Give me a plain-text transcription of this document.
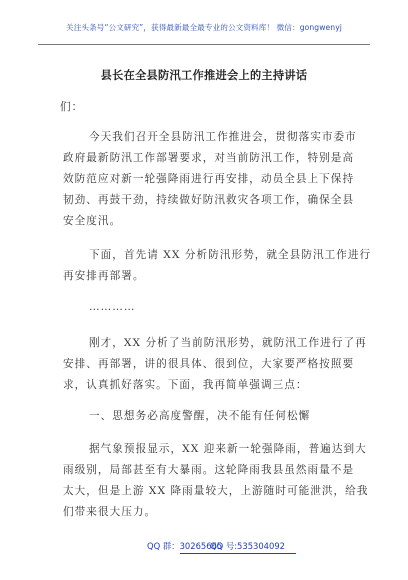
关注头条号“公文研究”，获得最新最全最专业的公文资料库！ 微信：gongwenyj
县长在全县防汛工作推进会上的主持讲话
们：
今天我们召开全县防汛工作推进会，贯彻落实市委市
政府最新防汛工作部署要求，对当前防汛工作，特别是高
效防范应对新一轮强降雨进行再安排，动员全县上下保持
韧劲、再鼓干劲，持续做好防汛救灾各项工作，确保全县
安全度汛。
下面，首先请 XX 分析防汛形势，就全县防汛工作进行
再安排再部署。
…………
刚才，XX 分析了当前防汛形势，就防汛工作进行了再
安排、再部署，讲的很具体、很到位，大家要严格按照要
求，认真抓好落实。下面，我再简单强调三点：
一、思想务必高度警醒，决不能有任何松懈
据气象预报显示，XX 迎来新一轮强降雨，普遍达到大
雨级别，局部甚至有大暴雨。这轮降雨我县虽然雨量不是
太大，但是上游 XX 降雨量较大，上游随时可能泄洪，给我
们带来很大压力。
QQ 群：30265665
QQ 号:535304092
